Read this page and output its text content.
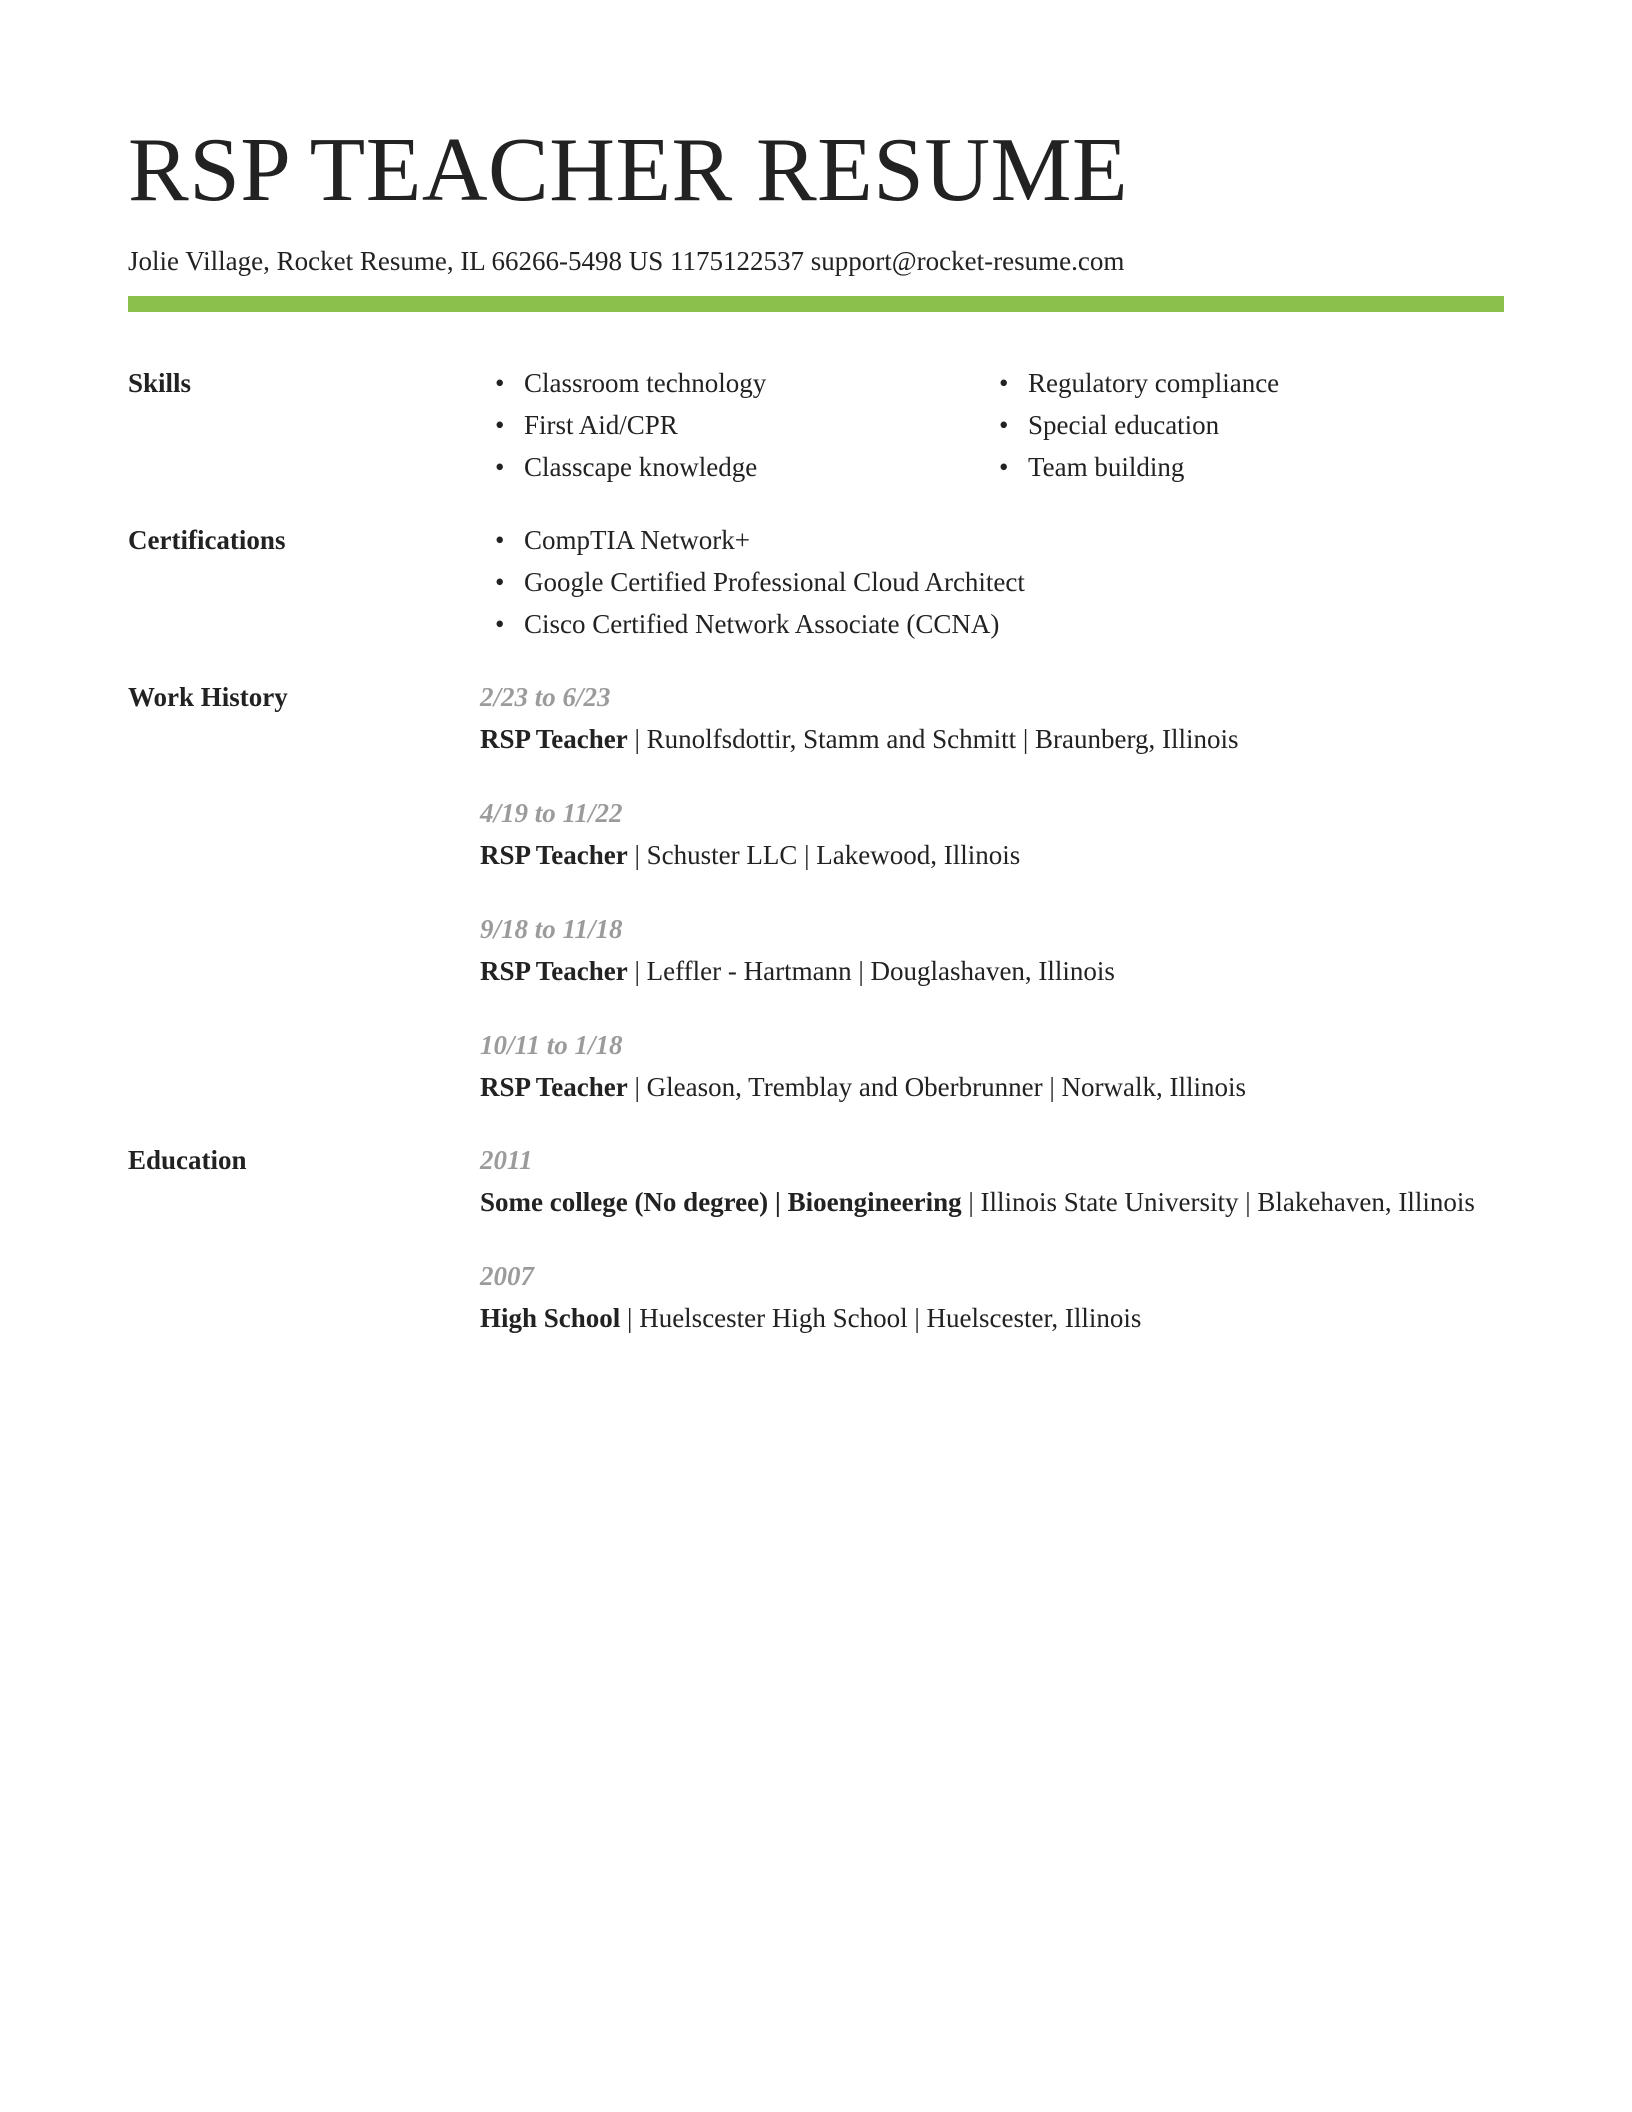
RSP TEACHER RESUME
Jolie Village, Rocket Resume, IL 66266-5498 US 1175122537 support@rocket-resume.com
Skills	• Classroom technology
• First Aid/CPR
• Classcape knowledge
• Regulatory compliance
• Special education
• Team building
Certifications	• CompTIA Network+
• Google Certified Professional Cloud Architect
• Cisco Certified Network Associate (CCNA)
Work History	2/23 to 6/23
RSP Teacher | Runolfsdottir, Stamm and Schmitt | Braunberg, Illinois
4/19 to 11/22
RSP Teacher | Schuster LLC | Lakewood, Illinois
9/18 to 11/18
RSP Teacher | Leffler - Hartmann | Douglashaven, Illinois
10/11 to 1/18
RSP Teacher | Gleason, Tremblay and Oberbrunner | Norwalk, Illinois
Education	2011
Some college (No degree) | Bioengineering | Illinois State University | Blakehaven, Illinois
2007
High School | Huelscester High School | Huelscester, Illinois
